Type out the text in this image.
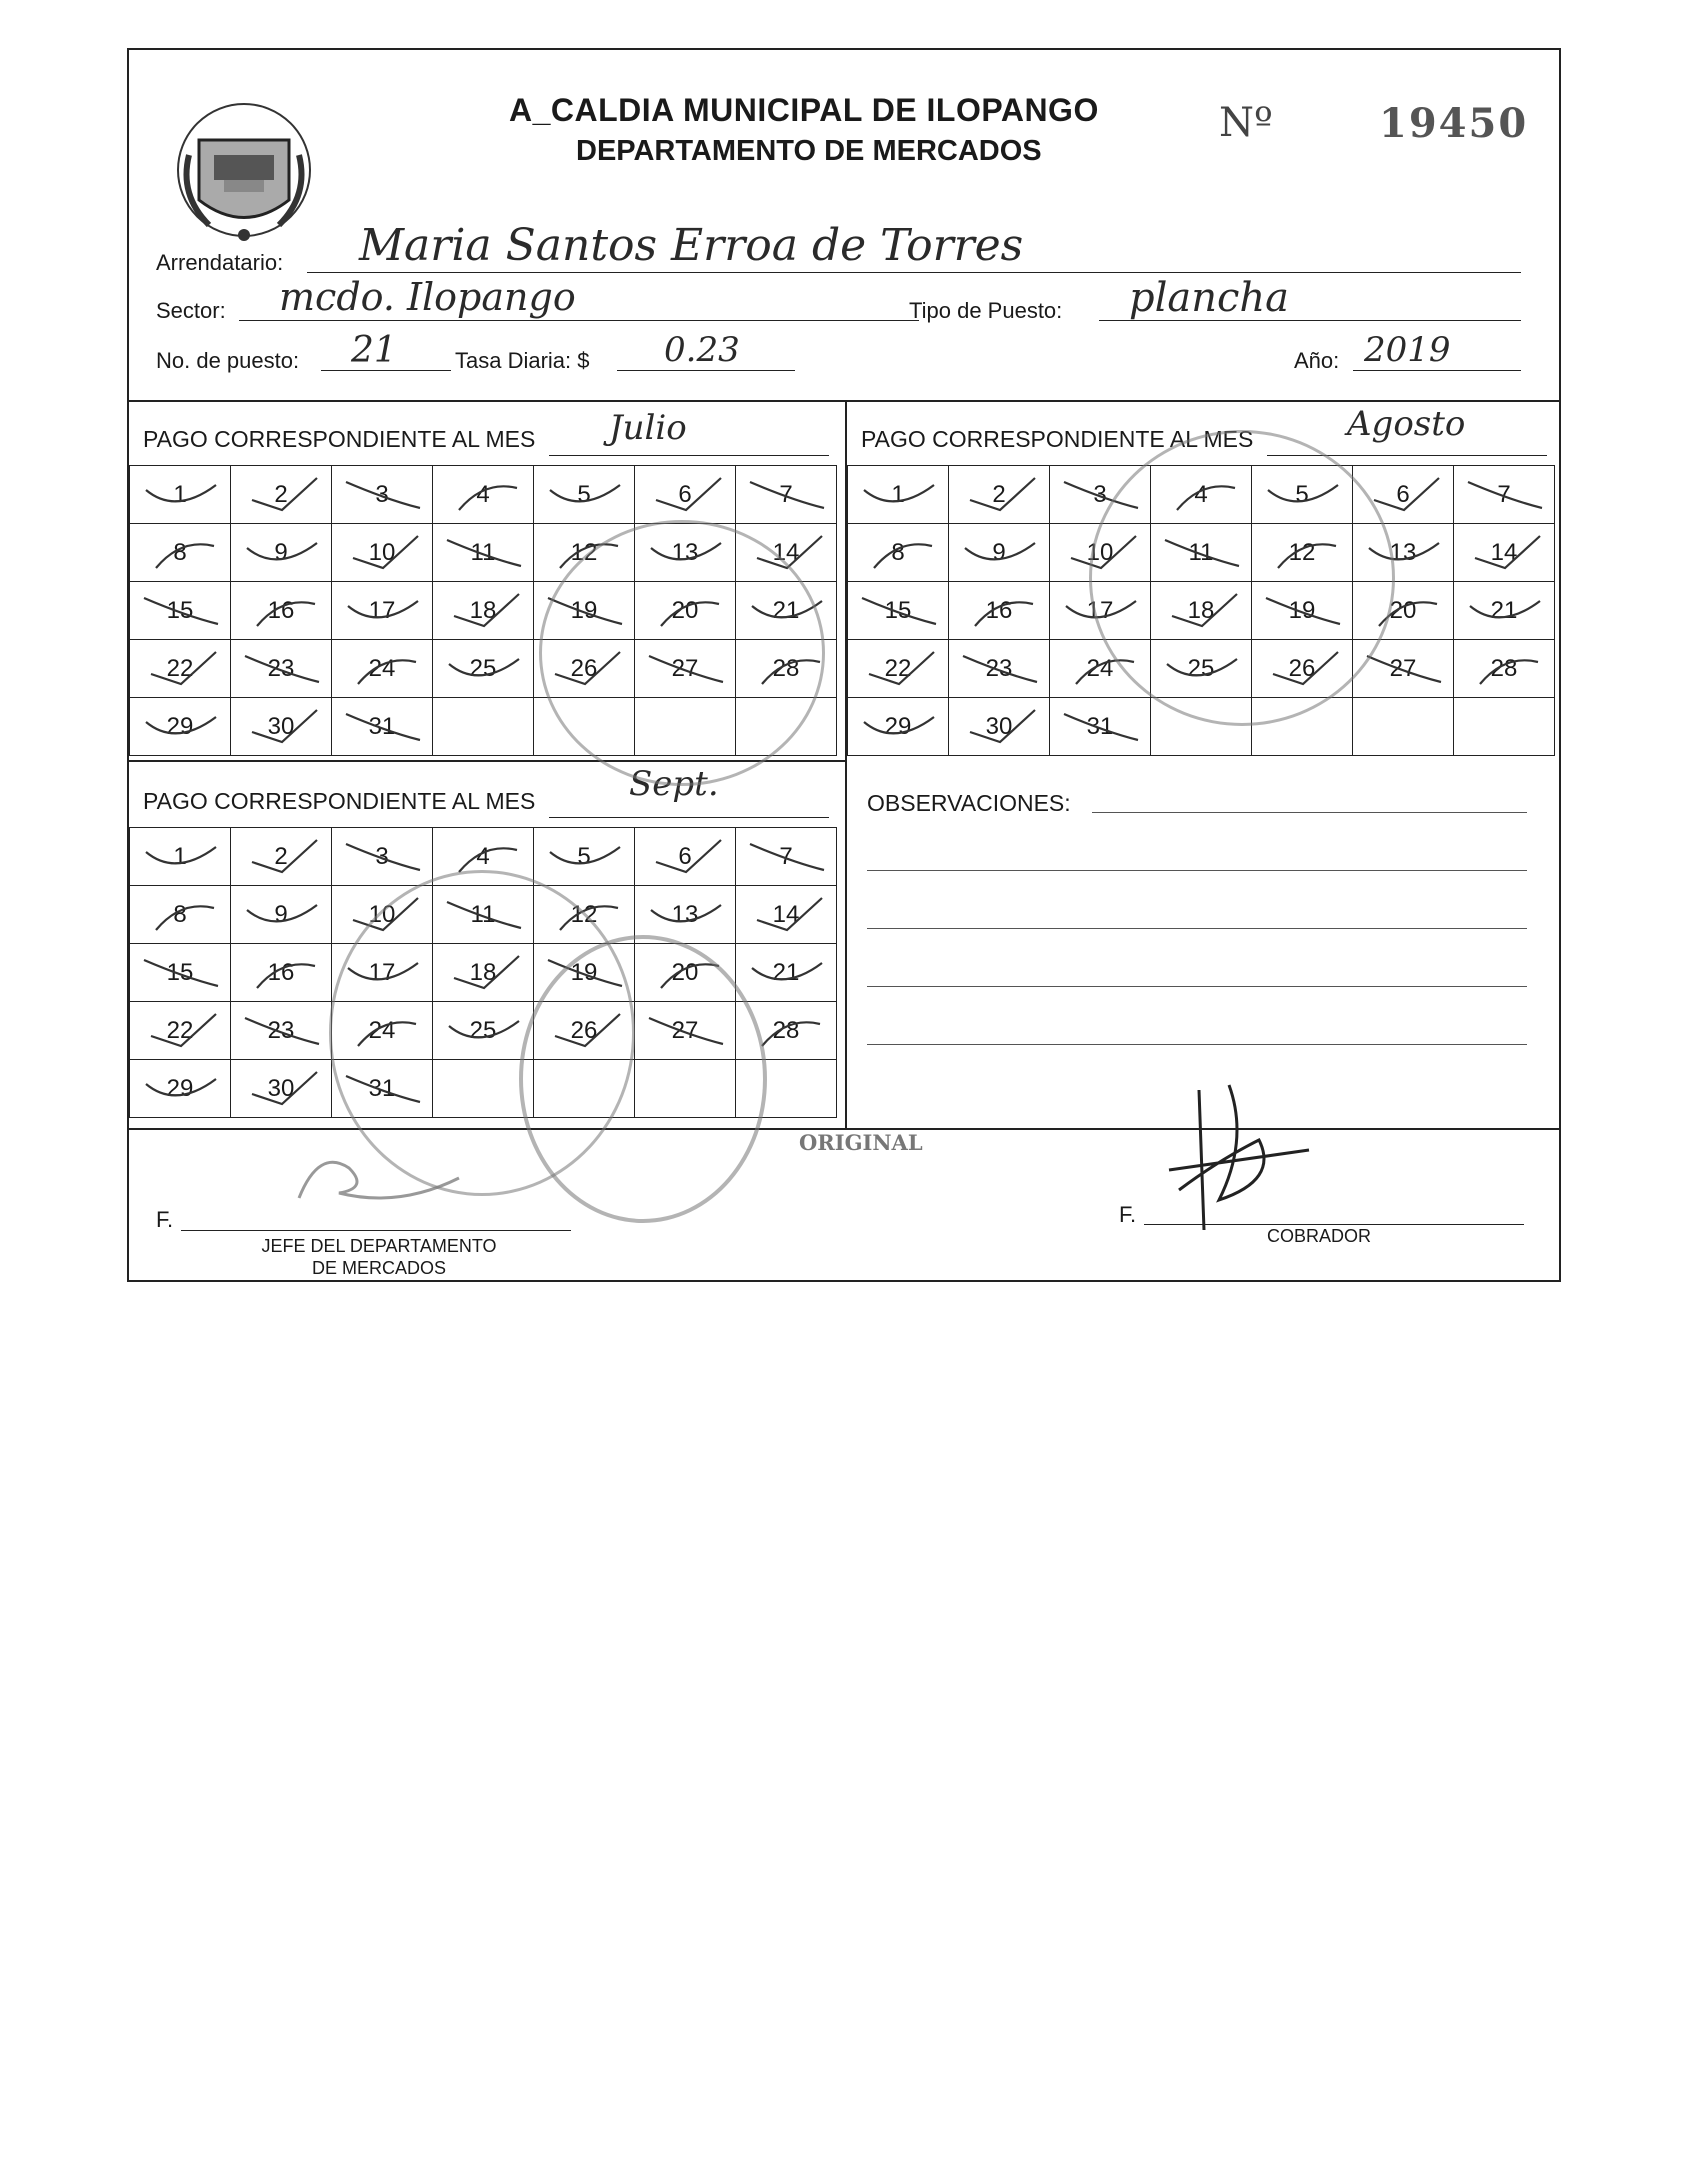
A_CALDIA MUNICIPAL DE ILOPANGO
DEPARTAMENTO DE MERCADOS
Nº	19450
Arrendatario: Maria Santos Erroa de Torres
Sector: mcdo. Ilopango	Tipo de Puesto: plancha
No. de puesto: 21	Tasa Diaria: $ 0.23	Año: 2019
PAGO CORRESPONDIENTE AL MES Julio
1	2	3	4	5	6	7

8	9	10	11	12	13	14

15	16	17	18	19	20	21

22	23	24	25	26	27	28

29	30	31

PAGO CORRESPONDIENTE AL MES	Agosto
1	2	3	4	5	6	7

8	9	10	11	12	13	14

15	16	17	18	19	20	21

22	23	24	25	26	27	28

29	30	31

PAGO CORRESPONDIENTE AL MES	Sept.
1	2	3	4	5	6	7

8	9	10	11	12	13	14

15	16	17	18	19	20	21

22	23	24	25	26	27	28

29	30	31

OBSERVACIONES:
ORIGINAL
F.
JEFE DEL DEPARTAMENTO
DE MERCADOS
F.
COBRADOR
